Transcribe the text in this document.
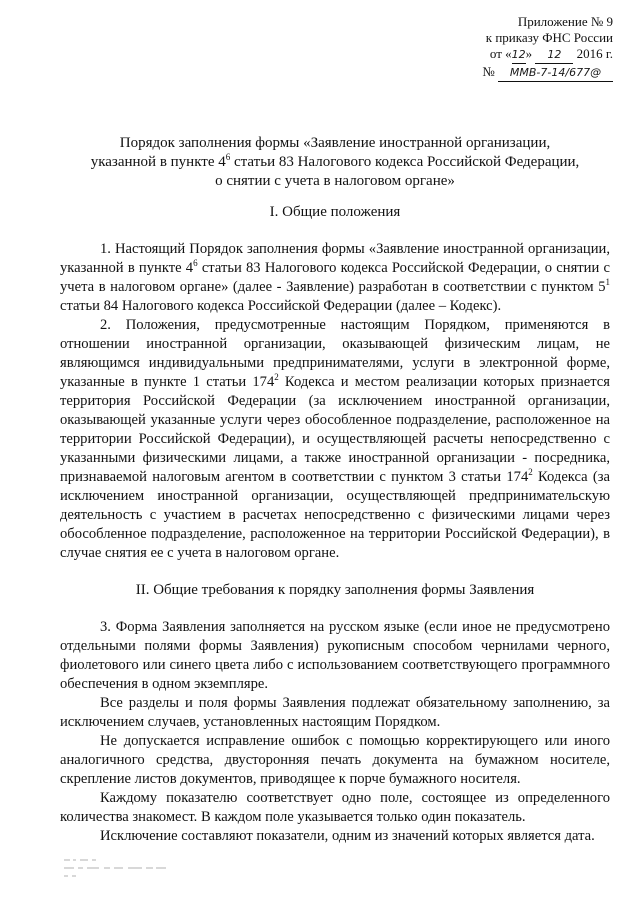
Приложение № 9
к приказу ФНС России
от «12» 12 2016 г.
№ ММВ-7-14/677@
Порядок заполнения формы «Заявление иностранной организации,
указанной в пункте $4^6$ статьи 83 Налогового кодекса Российской Федерации,
о снятии с учета в налоговом органе»
I. Общие положения

1. Настоящий Порядок заполнения формы «Заявление иностранной организации, указанной в пункте $4^6$ статьи 83 Налогового кодекса Российской Федерации, о снятии с учета в налоговом органе» (далее - Заявление) разработан в соответствии с пунктом $5^1$ статьи 84 Налогового кодекса Российской Федерации (далее – Кодекс).

2. Положения, предусмотренные настоящим Порядком, применяются в отношении иностранной организации, оказывающей физическим лицам, не являющимся индивидуальными предпринимателями, услуги в электронной форме, указанные в пункте 1 статьи $174^2$ Кодекса и местом реализации которых признается территория Российской Федерации (за исключением иностранной организации, оказывающей указанные услуги через обособленное подразделение, расположенное на территории Российской Федерации), и осуществляющей расчеты непосредственно с указанными физическими лицами, а также иностранной организации - посредника, признаваемой налоговым агентом в соответствии с пунктом 3 статьи $174^2$ Кодекса (за исключением иностранной организации, осуществляющей предпринимательскую деятельность с участием в расчетах непосредственно с физическими лицами через обособленное подразделение, расположенное на территории Российской Федерации), в случае снятия ее с учета в налоговом органе.

II. Общие требования к порядку заполнения формы Заявления

3. Форма Заявления заполняется на русском языке (если иное не предусмотрено отдельными полями формы Заявления) рукописным способом чернилами черного, фиолетового или синего цвета либо с использованием соответствующего программного обеспечения в одном экземпляре.

Все разделы и поля формы Заявления подлежат обязательному заполнению, за исключением случаев, установленных настоящим Порядком.

Не допускается исправление ошибок с помощью корректирующего или иного аналогичного средства, двусторонняя печать документа на бумажном носителе, скрепление листов документов, приводящее к порче бумажного носителя.

Каждому показателю соответствует одно поле, состоящее из определенного количества знакомест. В каждом поле указывается только один показатель.

Исключение составляют показатели, одним из значений которых является дата.
